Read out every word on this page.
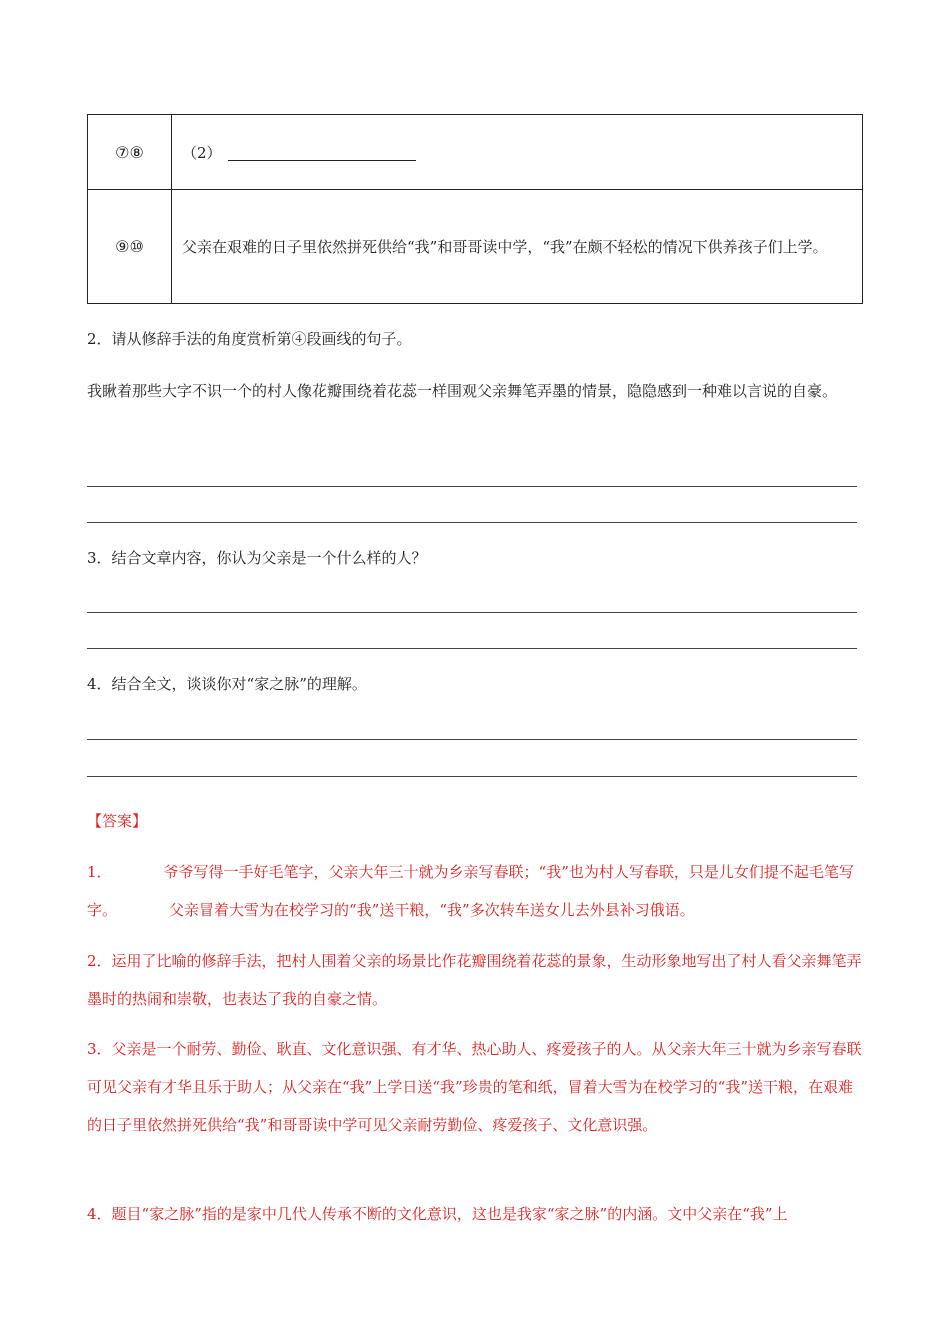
⑦⑧	（2）
⑨⑩	父亲在艰难的日子里依然拼死供给“我”和哥哥读中学，“我”在颇不轻松的情况下供养孩子们上学。
2．请从修辞手法的角度赏析第④段画线的句子。
我瞅着那些大字不识一个的村人像花瓣围绕着花蕊一样围观父亲舞笔弄墨的情景，隐隐感到一种难以言说的自豪。
3．结合文章内容，你认为父亲是一个什么样的人？
4．结合全文，谈谈你对“家之脉”的理解。
【答案】
1．	爷爷写得一手好毛笔字，父亲大年三十就为乡亲写春联；“我”也为村人写春联，只是儿女们提不起毛笔写字。	父亲冒着大雪为在校学习的“我”送干粮，“我”多次转车送女儿去外县补习俄语。
2．运用了比喻的修辞手法，把村人围着父亲的场景比作花瓣围绕着花蕊的景象，生动形象地写出了村人看父亲舞笔弄墨时的热闹和崇敬，也表达了我的自豪之情。
3．父亲是一个耐劳、勤俭、耿直、文化意识强、有才华、热心助人、疼爱孩子的人。从父亲大年三十就为乡亲写春联可见父亲有才华且乐于助人；从父亲在“我”上学日送“我”珍贵的笔和纸，冒着大雪为在校学习的“我”送干粮，在艰难的日子里依然拼死供给“我”和哥哥读中学可见父亲耐劳勤俭、疼爱孩子、文化意识强。
4．题目“家之脉”指的是家中几代人传承不断的文化意识，这也是我家“家之脉”的内涵。文中父亲在“我”上
